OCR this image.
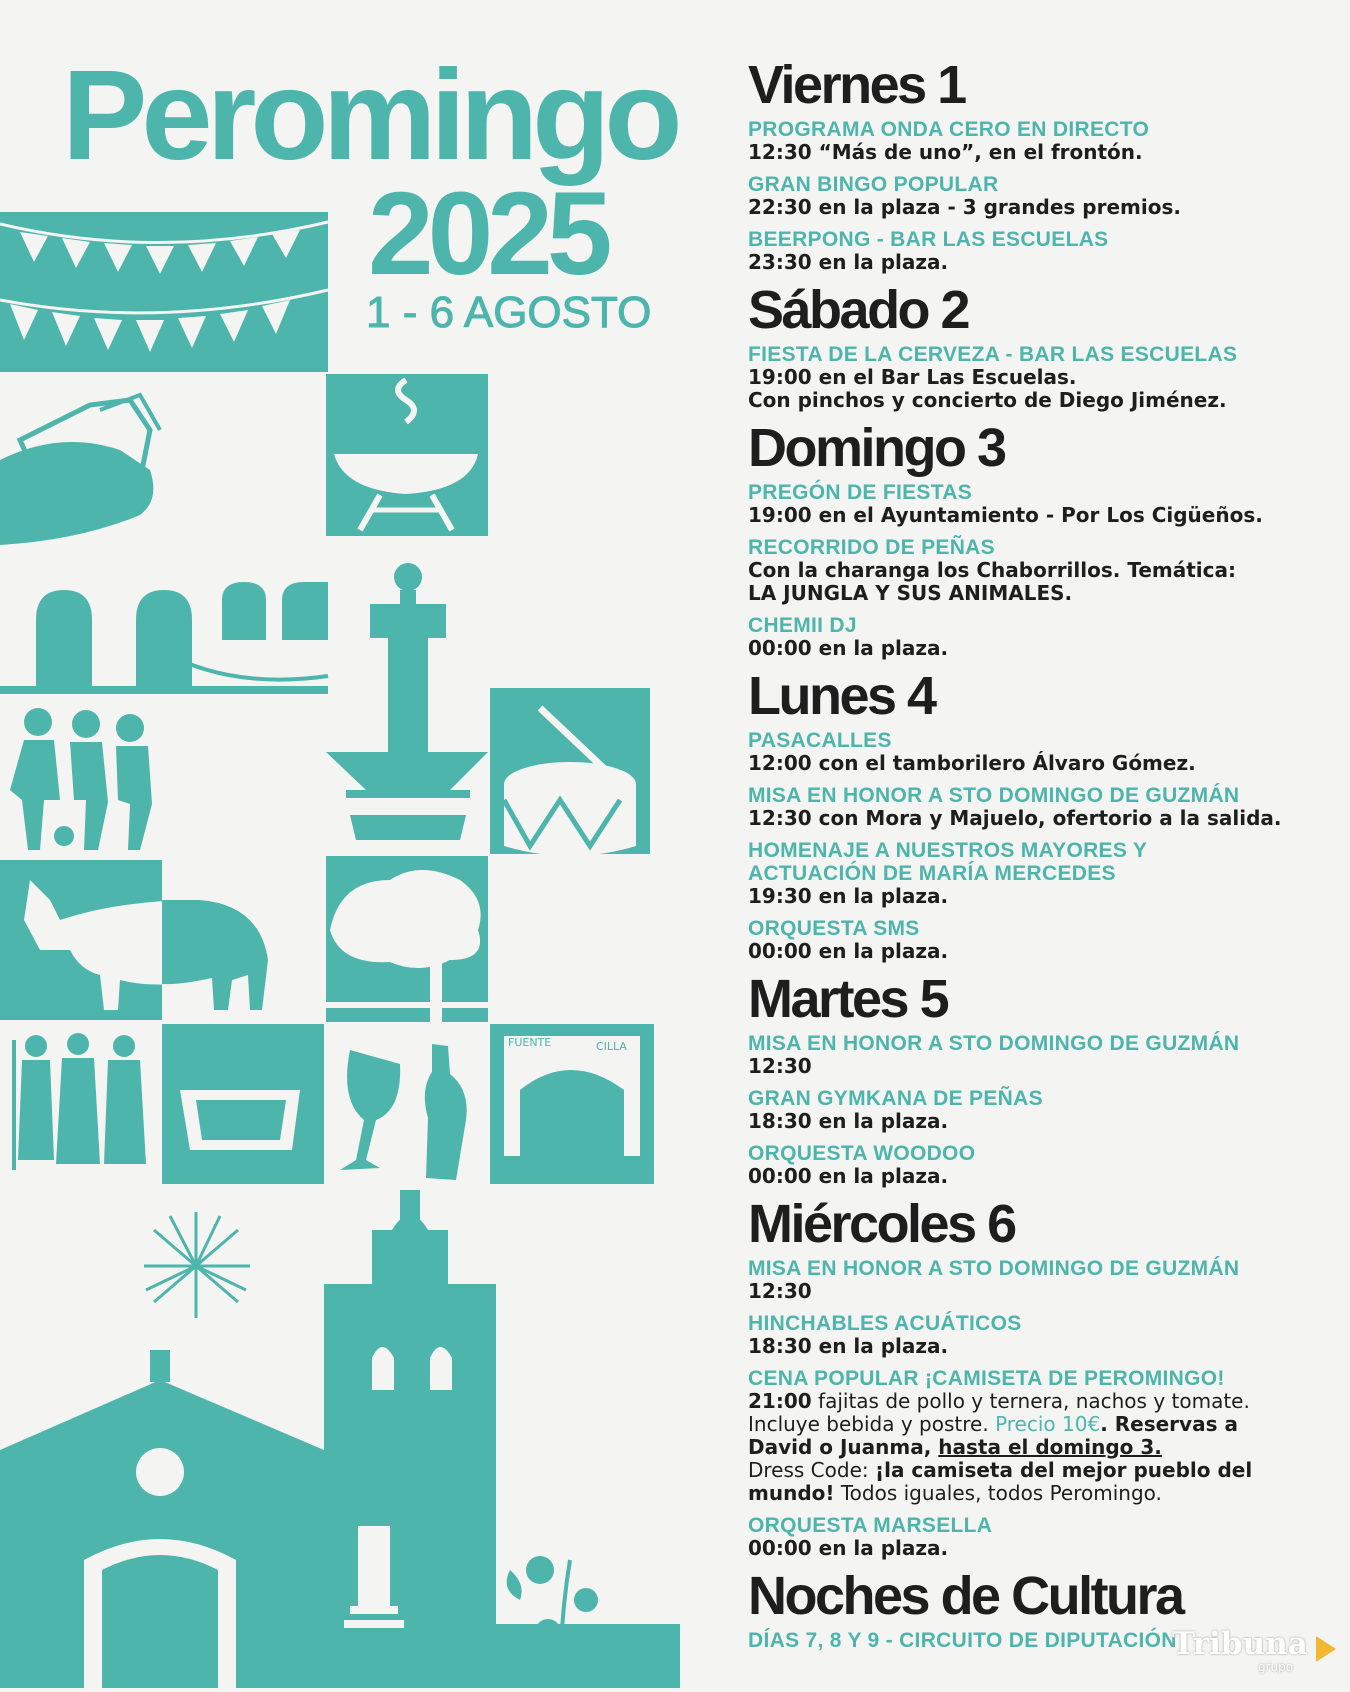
FUENTE	CILLA
Peromingo
2025
1 - 6 AGOSTO
Viernes 1
PROGRAMA ONDA CERO EN DIRECTO
12:30 “Más de uno”, en el frontón.
GRAN BINGO POPULAR
22:30 en la plaza - 3 grandes premios.
BEERPONG - BAR LAS ESCUELAS
23:30 en la plaza.
Sábado 2
FIESTA DE LA CERVEZA - BAR LAS ESCUELAS
19:00 en el Bar Las Escuelas.
Con pinchos y concierto de Diego Jiménez.
Domingo 3
PREGÓN DE FIESTAS
19:00 en el Ayuntamiento - Por Los Cigüeños.
RECORRIDO DE PEÑAS
Con la charanga los Chaborrillos. Temática:
LA JUNGLA Y SUS ANIMALES.
CHEMII DJ
00:00 en la plaza.
Lunes 4
PASACALLES
12:00 con el tamborilero Álvaro Gómez.
MISA EN HONOR A STO DOMINGO DE GUZMÁN
12:30 con Mora y Majuelo, ofertorio a la salida.
HOMENAJE A NUESTROS MAYORES Y
ACTUACIÓN DE MARÍA MERCEDES
19:30 en la plaza.
ORQUESTA SMS
00:00 en la plaza.
Martes 5
MISA EN HONOR A STO DOMINGO DE GUZMÁN
12:30
GRAN GYMKANA DE PEÑAS
18:30 en la plaza.
ORQUESTA WOODOO
00:00 en la plaza.
Miércoles 6
MISA EN HONOR A STO DOMINGO DE GUZMÁN
12:30
HINCHABLES ACUÁTICOS
18:30 en la plaza.
CENA POPULAR ¡CAMISETA DE PEROMINGO!
21:00 fajitas de pollo y ternera, nachos y tomate.
Incluye bebida y postre. Precio 10€. Reservas a
David o Juanma, hasta el domingo 3.
Dress Code: ¡la camiseta del mejor pueblo del
mundo! Todos iguales, todos Peromingo.
ORQUESTA MARSELLA
00:00 en la plaza.
Noches de Cultura
DÍAS 7, 8 Y 9 - CIRCUITO DE DIPUTACIÓN
Tribuna
grupo
